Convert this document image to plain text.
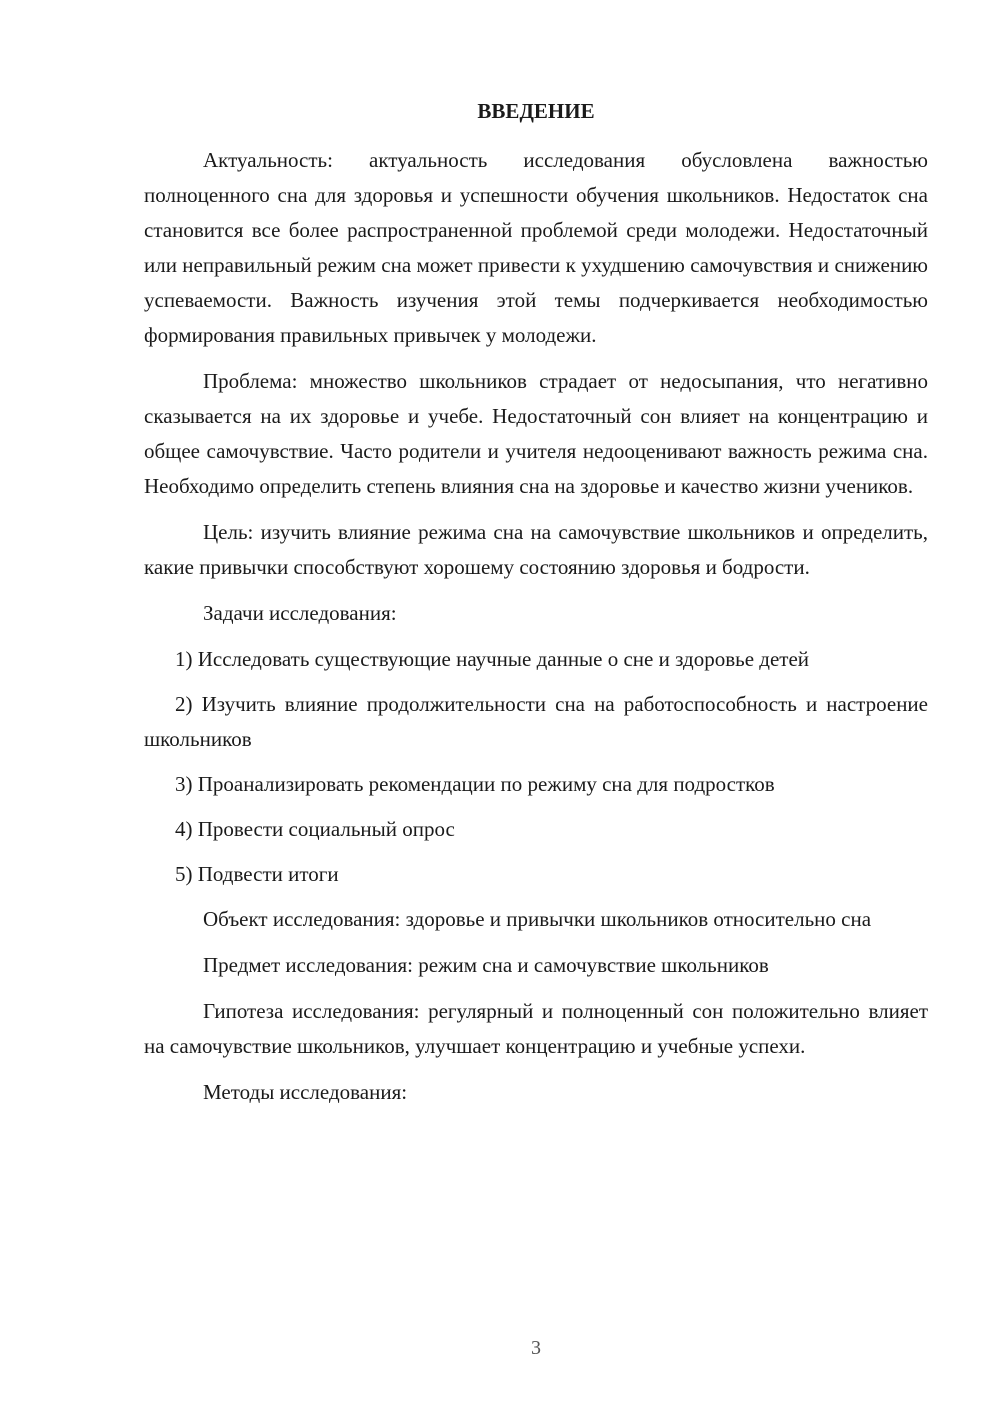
ВВЕДЕНИЕ

Актуальность: актуальность исследования обусловлена важностью полноценного сна для здоровья и успешности обучения школьников. Недостаток сна становится все более распространенной проблемой среди молодежи. Недостаточный или неправильный режим сна может привести к ухудшению самочувствия и снижению успеваемости. Важность изучения этой темы подчеркивается необходимостью формирования правильных привычек у молодежи.

Проблема: множество школьников страдает от недосыпания, что негативно сказывается на их здоровье и учебе. Недостаточный сон влияет на концентрацию и общее самочувствие. Часто родители и учителя недооценивают важность режима сна. Необходимо определить степень влияния сна на здоровье и качество жизни учеников.

Цель: изучить влияние режима сна на самочувствие школьников и определить, какие привычки способствуют хорошему состоянию здоровья и бодрости.

Задачи исследования:

1) Исследовать существующие научные данные о сне и здоровье детей

2) Изучить влияние продолжительности сна на работоспособность и настроение школьников

3) Проанализировать рекомендации по режиму сна для подростков

4) Провести социальный опрос

5) Подвести итоги

Объект исследования: здоровье и привычки школьников относительно сна

Предмет исследования: режим сна и самочувствие школьников

Гипотеза исследования: регулярный и полноценный сон положительно влияет на самочувствие школьников, улучшает концентрацию и учебные успехи.

Методы исследования:

3
